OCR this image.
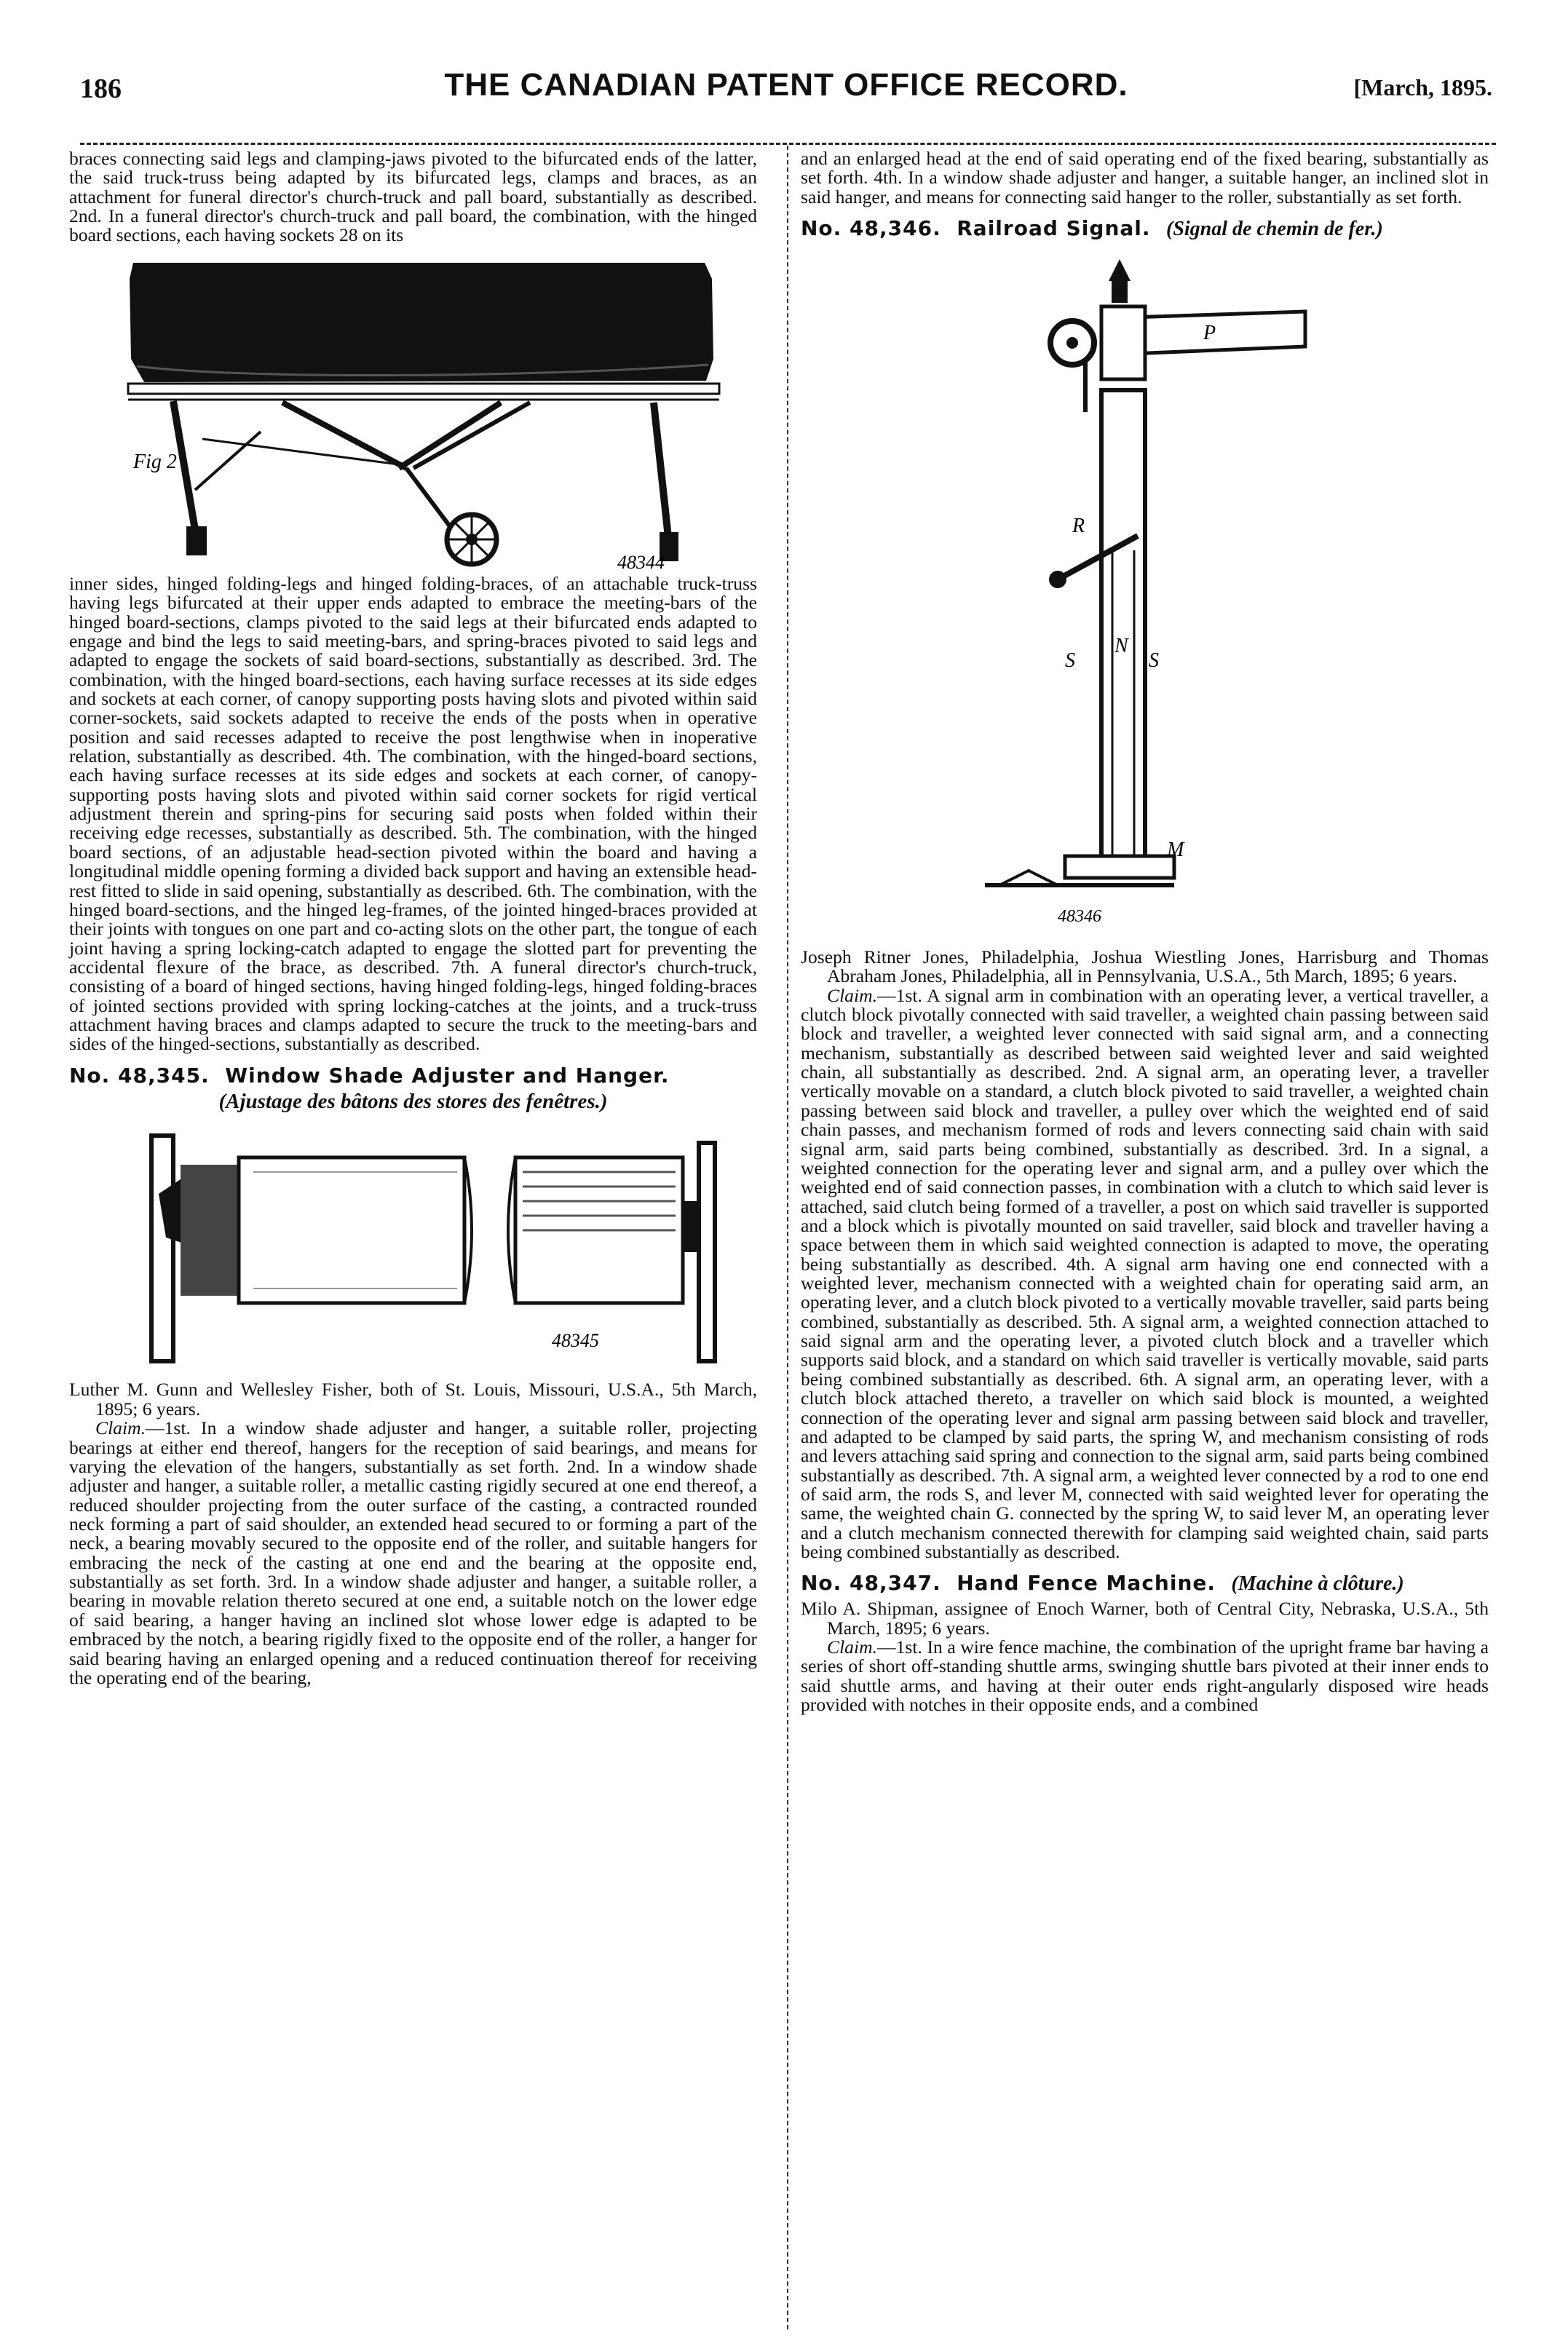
186	THE CANADIAN PATENT OFFICE RECORD.	[March, 1895.

braces connecting said legs and clamping-jaws pivoted to the bifurcated ends of the latter, the said truck-truss being adapted by its bifurcated legs, clamps and braces, as an attachment for funeral director's church-truck and pall board, substantially as described. 2nd. In a funeral director's church-truck and pall board, the combination, with the hinged board sections, each having sockets 28 on its

Fig 2
48344

inner sides, hinged folding-legs and hinged folding-braces, of an attachable truck-truss having legs bifurcated at their upper ends adapted to embrace the meeting-bars of the hinged board-sections, clamps pivoted to the said legs at their bifurcated ends adapted to engage and bind the legs to said meeting-bars, and spring-braces pivoted to said legs and adapted to engage the sockets of said board-sections, substantially as described. 3rd. The combination, with the hinged board-sections, each having surface recesses at its side edges and sockets at each corner, of canopy supporting posts having slots and pivoted within said corner-sockets, said sockets adapted to receive the ends of the posts when in operative position and said recesses adapted to receive the post lengthwise when in inoperative relation, substantially as described. 4th. The combination, with the hinged-board sections, each having surface recesses at its side edges and sockets at each corner, of canopy-supporting posts having slots and pivoted within said corner sockets for rigid vertical adjustment therein and spring-pins for securing said posts when folded within their receiving edge recesses, substantially as described. 5th. The combination, with the hinged board sections, of an adjustable head-section pivoted within the board and having a longitudinal middle opening forming a divided back support and having an extensible head-rest fitted to slide in said opening, substantially as described. 6th. The combination, with the hinged board-sections, and the hinged leg-frames, of the jointed hinged-braces provided at their joints with tongues on one part and co-acting slots on the other part, the tongue of each joint having a spring locking-catch adapted to engage the slotted part for preventing the accidental flexure of the brace, as described. 7th. A funeral director's church-truck, consisting of a board of hinged sections, having hinged folding-legs, hinged folding-braces of jointed sections provided with spring locking-catches at the joints, and a truck-truss attachment having braces and clamps adapted to secure the truck to the meeting-bars and sides of the hinged-sections, substantially as described.

No. 48,345. Window Shade Adjuster and Hanger.
(Ajustage des bâtons des stores des fenêtres.)
48345

Luther M. Gunn and Wellesley Fisher, both of St. Louis, Missouri, U.S.A., 5th March, 1895; 6 years.

Claim.—1st. In a window shade adjuster and hanger, a suitable roller, projecting bearings at either end thereof, hangers for the reception of said bearings, and means for varying the elevation of the hangers, substantially as set forth. 2nd. In a window shade adjuster and hanger, a suitable roller, a metallic casting rigidly secured at one end thereof, a reduced shoulder projecting from the outer surface of the casting, a contracted rounded neck forming a part of said shoulder, an extended head secured to or forming a part of the neck, a bearing movably secured to the opposite end of the roller, and suitable hangers for embracing the neck of the casting at one end and the bearing at the opposite end, substantially as set forth. 3rd. In a window shade adjuster and hanger, a suitable roller, a bearing in movable relation thereto secured at one end, a suitable notch on the lower edge of said bearing, a hanger having an inclined slot whose lower edge is adapted to be embraced by the notch, a bearing rigidly fixed to the opposite end of the roller, a hanger for said bearing having an enlarged opening and a reduced continuation thereof for receiving the operating end of the bearing,

and an enlarged head at the end of said operating end of the fixed bearing, substantially as set forth. 4th. In a window shade adjuster and hanger, a suitable hanger, an inclined slot in said hanger, and means for connecting said hanger to the roller, substantially as set forth.

No. 48,346. Railroad Signal. (Signal de chemin de fer.)
P
R
S	S
N
M
48346

Joseph Ritner Jones, Philadelphia, Joshua Wiestling Jones, Harrisburg and Thomas Abraham Jones, Philadelphia, all in Pennsylvania, U.S.A., 5th March, 1895; 6 years.

Claim.—1st. A signal arm in combination with an operating lever, a vertical traveller, a clutch block pivotally connected with said traveller, a weighted chain passing between said block and traveller, a weighted lever connected with said signal arm, and a connecting mechanism, substantially as described between said weighted lever and said weighted chain, all substantially as described. 2nd. A signal arm, an operating lever, a traveller vertically movable on a standard, a clutch block pivoted to said traveller, a weighted chain passing between said block and traveller, a pulley over which the weighted end of said chain passes, and mechanism formed of rods and levers connecting said chain with said signal arm, said parts being combined, substantially as described. 3rd. In a signal, a weighted connection for the operating lever and signal arm, and a pulley over which the weighted end of said connection passes, in combination with a clutch to which said lever is attached, said clutch being formed of a traveller, a post on which said traveller is supported and a block which is pivotally mounted on said traveller, said block and traveller having a space between them in which said weighted connection is adapted to move, the operating being substantially as described. 4th. A signal arm having one end connected with a weighted lever, mechanism connected with a weighted chain for operating said arm, an operating lever, and a clutch block pivoted to a vertically movable traveller, said parts being combined, substantially as described. 5th. A signal arm, a weighted connection attached to said signal arm and the operating lever, a pivoted clutch block and a traveller which supports said block, and a standard on which said traveller is vertically movable, said parts being combined substantially as described. 6th. A signal arm, an operating lever, with a clutch block attached thereto, a traveller on which said block is mounted, a weighted connection of the operating lever and signal arm passing between said block and traveller, and adapted to be clamped by said parts, the spring W, and mechanism consisting of rods and levers attaching said spring and connection to the signal arm, said parts being combined substantially as described. 7th. A signal arm, a weighted lever connected by a rod to one end of said arm, the rods S, and lever M, connected with said weighted lever for operating the same, the weighted chain G. connected by the spring W, to said lever M, an operating lever and a clutch mechanism connected therewith for clamping said weighted chain, said parts being combined substantially as described.

No. 48,347. Hand Fence Machine. (Machine à clôture.)

Milo A. Shipman, assignee of Enoch Warner, both of Central City, Nebraska, U.S.A., 5th March, 1895; 6 years.

Claim.—1st. In a wire fence machine, the combination of the upright frame bar having a series of short off-standing shuttle arms, swinging shuttle bars pivoted at their inner ends to said shuttle arms, and having at their outer ends right-angularly disposed wire heads provided with notches in their opposite ends, and a combined
